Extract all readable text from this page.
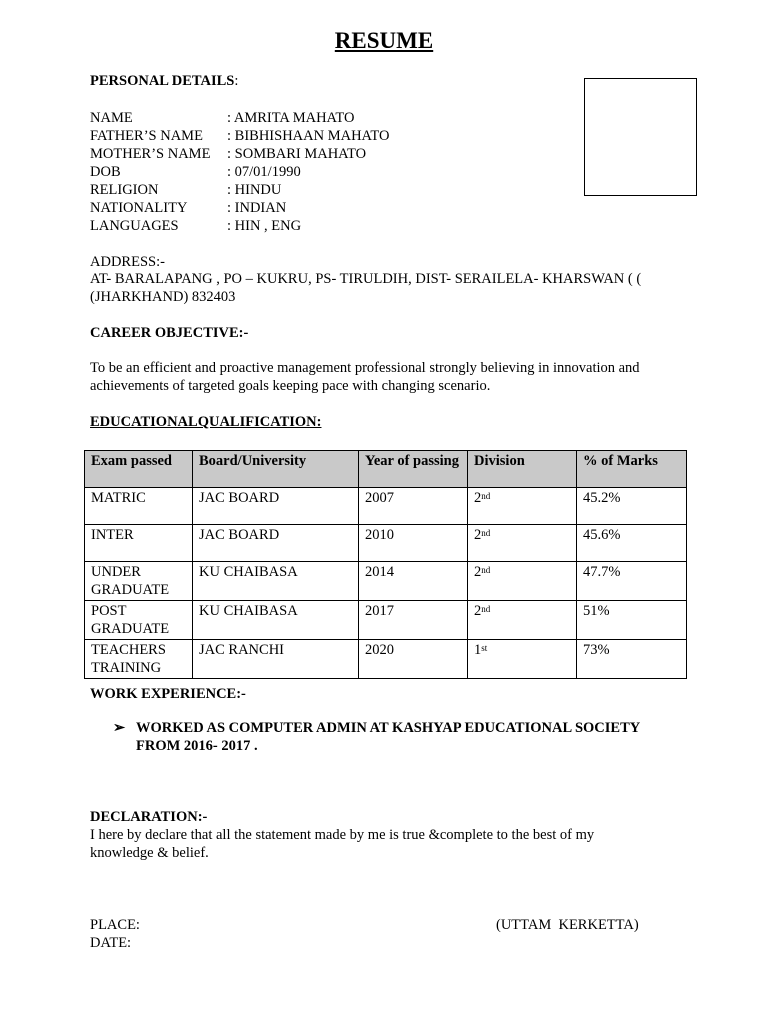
RESUME
PERSONAL DETAILS:
NAME	: AMRITA MAHATO
FATHER’S NAME : BIBHISHAAN MAHATO
MOTHER’S NAME : SOMBARI MAHATO
DOB	: 07/01/1990
RELIGION	: HINDU
NATIONALITY	: INDIAN
LANGUAGES	: HIN , ENG
ADDRESS:-
AT- BARALAPANG , PO – KUKRU, PS- TIRULDIH, DIST- SERAILELA- KHARSWAN ( (
(JHARKHAND) 832403
CAREER OBJECTIVE:-
To be an efficient and proactive management professional strongly believing in innovation and
achievements of targeted goals keeping pace with changing scenario.
EDUCATIONALQUALIFICATION:
Exam passed	Board/University	Year of passing	Division	% of Marks
MATRIC	JAC BOARD	2007	2nd	45.2%
INTER	JAC BOARD	2010	2nd	45.6%
UNDER GRADUATE	KU CHAIBASA	2014	2nd	47.7%
POST GRADUATE	KU CHAIBASA	2017	2nd	51%
TEACHERS TRAINING	JAC RANCHI	2020	1st	73%
WORK EXPERIENCE:-
➢ WORKED AS COMPUTER ADMIN AT KASHYAP EDUCATIONAL SOCIETY
FROM 2016- 2017 .
DECLARATION:-
I here by declare that all the statement made by me is true &complete to the best of my
knowledge & belief.
PLACE:	(UTTAM  KERKETTA)
DATE:
